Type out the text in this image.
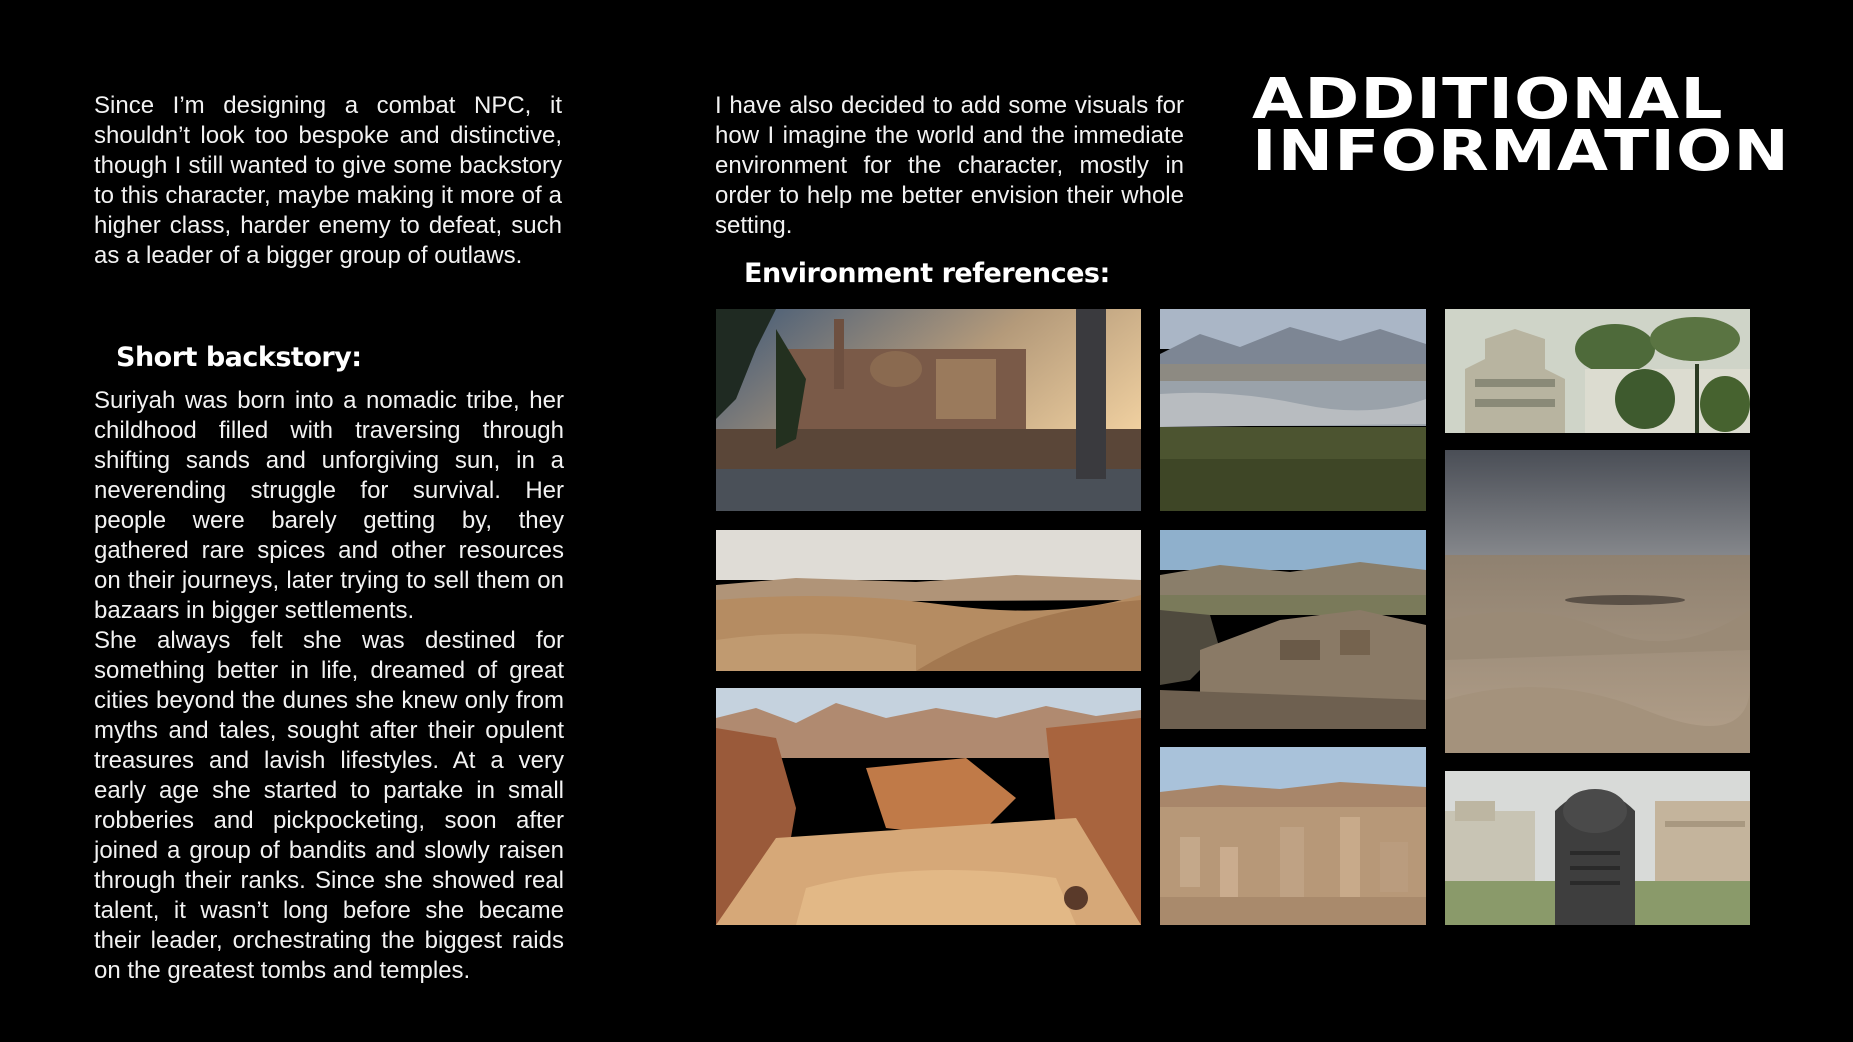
Since I’m designing a combat NPC, it shouldn’t look too bespoke and distinctive, though I still wanted to give some backstory to this character, maybe making it more of a higher class, harder enemy to defeat, such as a leader of a bigger group of outlaws.

Short backstory:

Suriyah was born into a nomadic tribe, her childhood filled with traversing through shifting sands and unforgiving sun, in a neverending struggle for survival. Her people were barely getting by, they gathered rare spices and other resources on their journeys, later trying to sell them on bazaars in bigger settlements.

She always felt she was destined for something better in life, dreamed of great cities beyond the dunes she knew only from myths and tales, sought after their opulent treasures and lavish lifestyles. At a very early age she started to partake in small robberies and pickpocketing, soon after joined a group of bandits and slowly raisen through their ranks. Since she showed real talent, it wasn’t long before she became their leader, orchestrating the biggest raids on the greatest tombs and temples.

I have also decided to add some visuals for how I imagine the world and the immediate environment for the character, mostly in order to help me better envision their whole setting.

ADDITIONAL
INFORMATION
Environment references:
